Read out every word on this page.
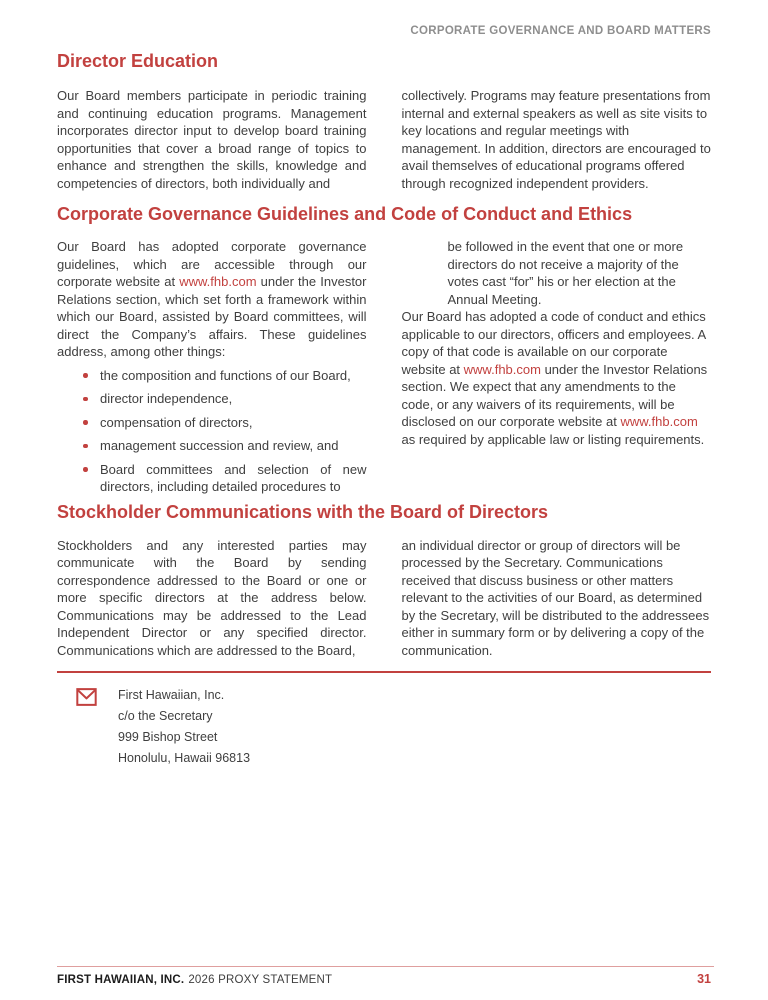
CORPORATE GOVERNANCE AND BOARD MATTERS
Director Education

Our Board members participate in periodic training and continuing education programs. Management incorporates director input to develop board training opportunities that cover a broad range of topics to enhance and strengthen the skills, knowledge and competencies of directors, both individually and

collectively. Programs may feature presentations from internal and external speakers as well as site visits to key locations and regular meetings with management. In addition, directors are encouraged to avail themselves of educational programs offered through recognized independent providers.

Corporate Governance Guidelines and Code of Conduct and Ethics

Our Board has adopted corporate governance guidelines, which are accessible through our corporate website at www.fhb.com under the Investor Relations section, which set forth a framework within which our Board, assisted by Board committees, will direct the Company’s affairs. These guidelines address, among other things:

the composition and functions of our Board,
director independence,
compensation of directors,
management succession and review, and
Board committees and selection of new directors, including detailed procedures to

be followed in the event that one or more directors do not receive a majority of the votes cast “for” his or her election at the Annual Meeting.

Our Board has adopted a code of conduct and ethics applicable to our directors, officers and employees. A copy of that code is available on our corporate website at www.fhb.com under the Investor Relations section. We expect that any amendments to the code, or any waivers of its requirements, will be disclosed on our corporate website at www.fhb.com as required by applicable law or listing requirements.

Stockholder Communications with the Board of Directors

Stockholders and any interested parties may communicate with the Board by sending correspondence addressed to the Board or one or more specific directors at the address below. Communications may be addressed to the Lead Independent Director or any specified director. Communications which are addressed to the Board,

an individual director or group of directors will be processed by the Secretary. Communications received that discuss business or other matters relevant to the activities of our Board, as determined by the Secretary, will be distributed to the addressees either in summary form or by delivering a copy of the communication.

First Hawaiian, Inc.
c/o the Secretary
999 Bishop Street
Honolulu, Hawaii 96813
FIRST HAWAIIAN, INC. 2026 PROXY STATEMENT	31
